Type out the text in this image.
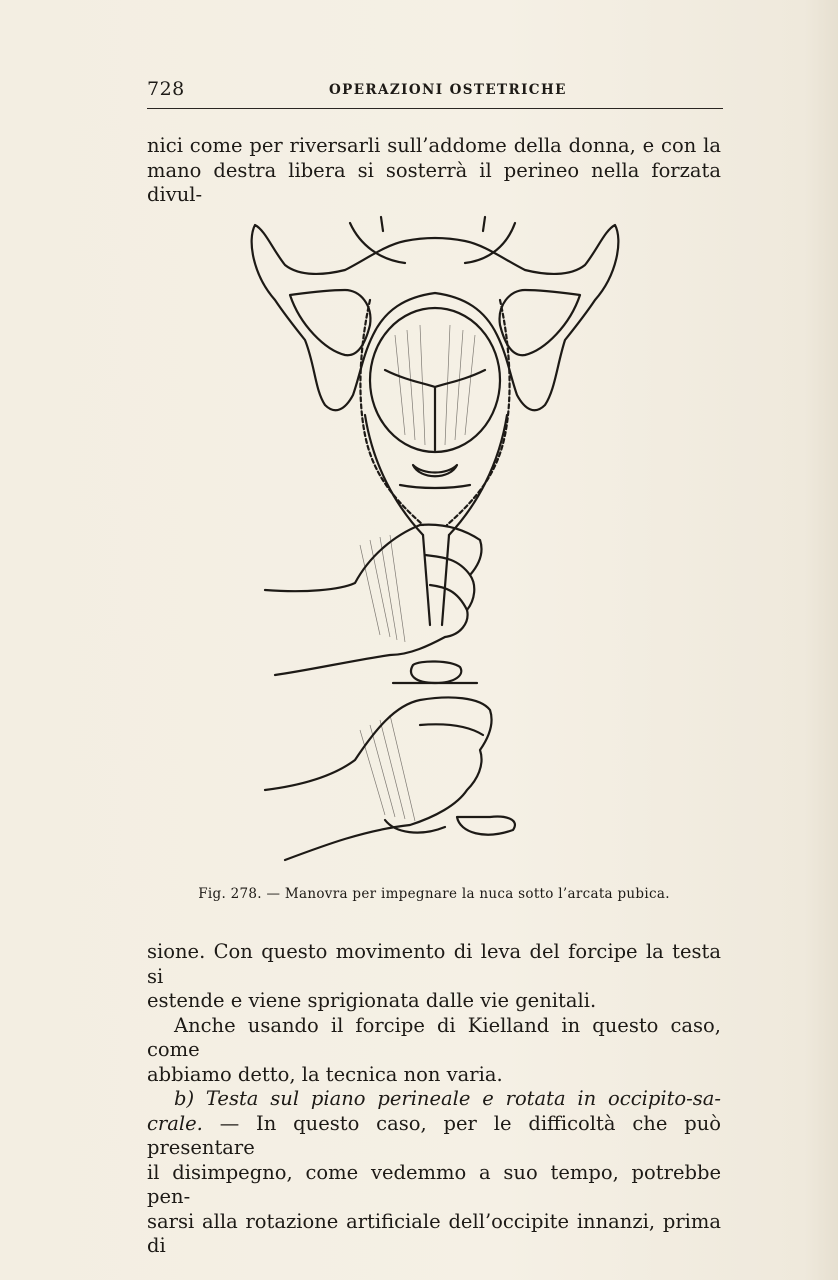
728	OPERAZIONI OSTETRICHE

nici come per riversarli sull’addome della donna, e con la

mano destra libera si sosterrà il perineo nella forzata divul-

Fig. 278. — Manovra per impegnare la nuca sotto l’arcata pubica.

sione. Con questo movimento di leva del forcipe la testa si

estende e viene sprigionata dalle vie genitali.

Anche usando il forcipe di Kielland in questo caso, come

abbiamo detto, la tecnica non varia.

b) Testa sul piano perineale e rotata in occipito-sa-

crale. — In questo caso, per le difficoltà che può presentare

il disimpegno, come vedemmo a suo tempo, potrebbe pen-

sarsi alla rotazione artificiale dell’occipite innanzi, prima di
